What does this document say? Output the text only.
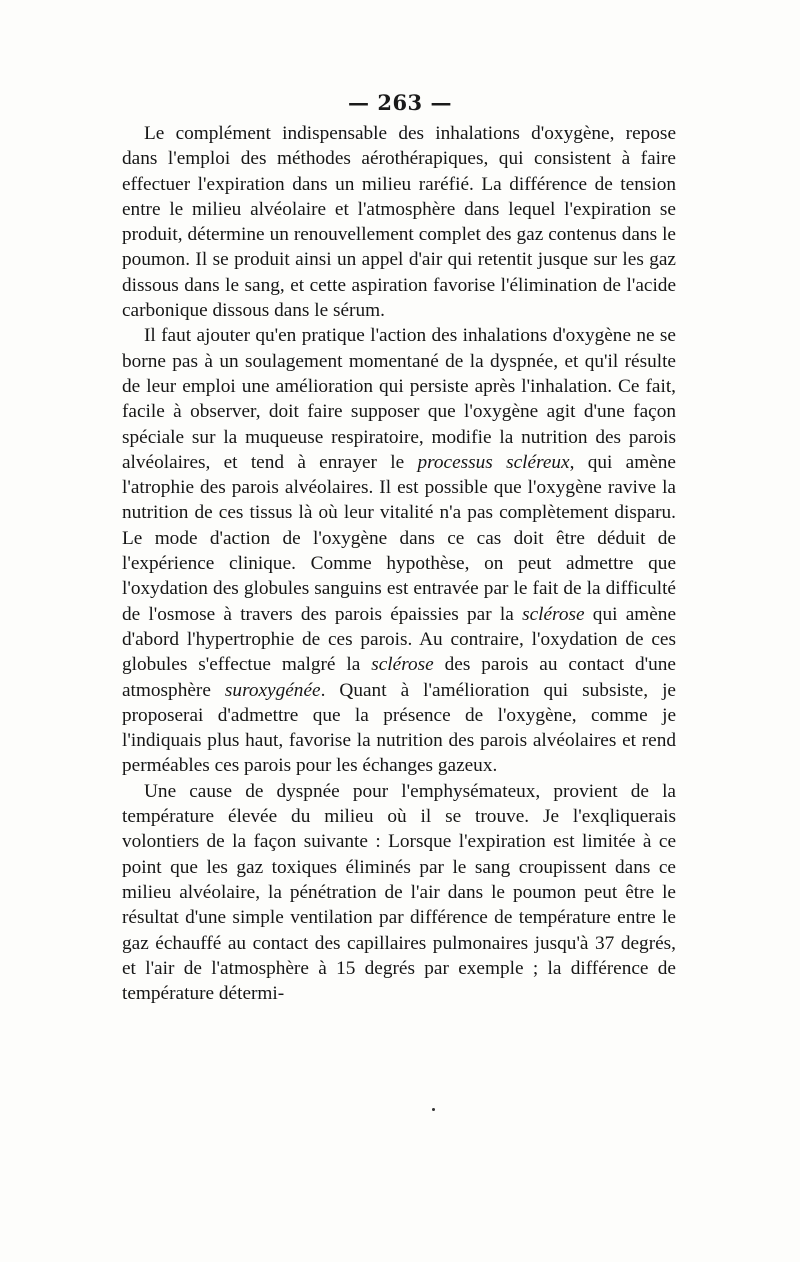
— 263 —

Le complément indispensable des inhalations d'oxygène, repose dans l'emploi des méthodes aérothérapiques, qui consistent à faire effectuer l'expiration dans un milieu raréfié. La différence de tension entre le milieu alvéolaire et l'atmosphère dans lequel l'expiration se produit, détermine un renouvellement complet des gaz contenus dans le poumon. Il se produit ainsi un appel d'air qui retentit jusque sur les gaz dissous dans le sang, et cette aspiration favorise l'élimination de l'acide carbonique dissous dans le sérum.

Il faut ajouter qu'en pratique l'action des inhalations d'oxygène ne se borne pas à un soulagement momentané de la dyspnée, et qu'il résulte de leur emploi une amélioration qui persiste après l'inhalation. Ce fait, facile à observer, doit faire supposer que l'oxygène agit d'une façon spéciale sur la muqueuse respiratoire, modifie la nutrition des parois alvéolaires, et tend à enrayer le processus scléreux, qui amène l'atrophie des parois alvéolaires. Il est possible que l'oxygène ravive la nutrition de ces tissus là où leur vitalité n'a pas complètement disparu. Le mode d'action de l'oxygène dans ce cas doit être déduit de l'expérience clinique. Comme hypothèse, on peut admettre que l'oxydation des globules sanguins est entravée par le fait de la difficulté de l'osmose à travers des parois épaissies par la sclérose qui amène d'abord l'hypertrophie de ces parois. Au contraire, l'oxydation de ces globules s'effectue malgré la sclérose des parois au contact d'une atmosphère suroxygénée. Quant à l'amélioration qui subsiste, je proposerai d'admettre que la présence de l'oxygène, comme je l'indiquais plus haut, favorise la nutrition des parois alvéolaires et rend perméables ces parois pour les échanges gazeux.

Une cause de dyspnée pour l'emphysémateux, provient de la température élevée du milieu où il se trouve. Je l'exqliquerais volontiers de la façon suivante : Lorsque l'expiration est limitée à ce point que les gaz toxiques éliminés par le sang croupissent dans ce milieu alvéolaire, la pénétration de l'air dans le poumon peut être le résultat d'une simple ventilation par différence de température entre le gaz échauffé au contact des capillaires pulmonaires jusqu'à 37 degrés, et l'air de l'atmosphère à 15 degrés par exemple ; la différence de température détermi-
